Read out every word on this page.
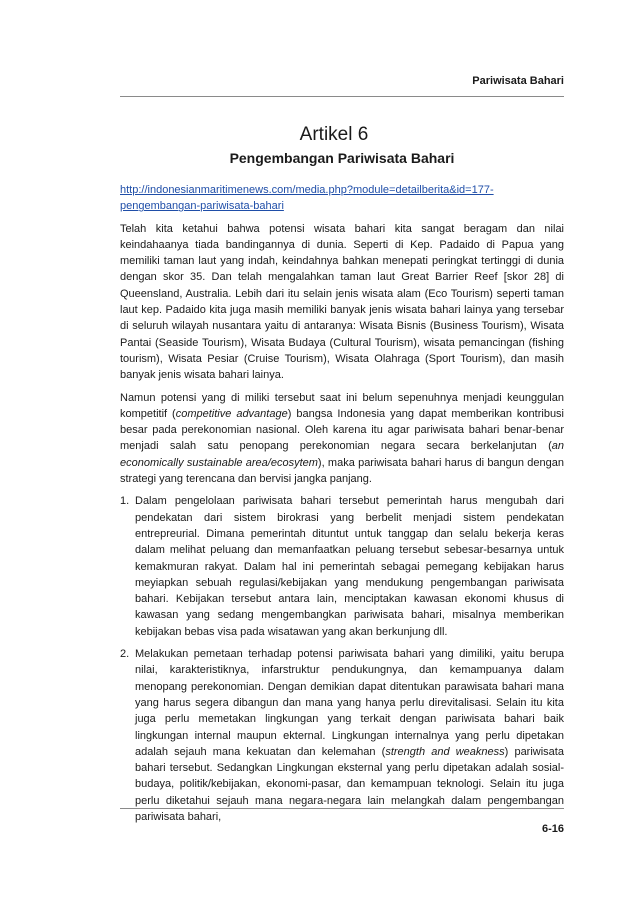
Pariwisata Bahari
Artikel 6
Pengembangan Pariwisata Bahari

http://indonesianmaritimenews.com/media.php?module=detailberita&id=177-
pengembangan-pariwisata-bahari

Telah kita ketahui bahwa potensi wisata bahari kita sangat beragam dan nilai keindahaanya tiada bandingannya di dunia. Seperti di Kep. Padaido di Papua yang memiliki taman laut yang indah, keindahnya bahkan menepati peringkat tertinggi di dunia dengan skor 35. Dan telah mengalahkan taman laut Great Barrier Reef [skor 28] di Queensland, Australia. Lebih dari itu selain jenis wisata alam (Eco Tourism) seperti taman laut kep. Padaido kita juga masih memiliki banyak jenis wisata bahari lainya yang tersebar di seluruh wilayah nusantara yaitu di antaranya: Wisata Bisnis (Business Tourism), Wisata Pantai (Seaside Tourism), Wisata Budaya (Cultural Tourism), wisata pemancingan (fishing tourism), Wisata Pesiar (Cruise Tourism), Wisata Olahraga (Sport Tourism), dan masih banyak jenis wisata bahari lainya.

Namun potensi yang di miliki tersebut saat ini belum sepenuhnya menjadi keunggulan kompetitif (competitive advantage) bangsa Indonesia yang dapat memberikan kontribusi besar pada perekonomian nasional. Oleh karena itu agar pariwisata bahari benar-benar menjadi salah satu penopang perekonomian negara secara berkelanjutan (an economically sustainable area/ecosytem), maka pariwisata bahari harus di bangun dengan strategi yang terencana dan bervisi jangka panjang.

1. Dalam pengelolaan pariwisata bahari tersebut pemerintah harus mengubah dari pendekatan dari sistem birokrasi yang berbelit menjadi sistem pendekatan entrepreurial. Dimana pemerintah dituntut untuk tanggap dan selalu bekerja keras dalam melihat peluang dan memanfaatkan peluang tersebut sebesar-besarnya untuk kemakmuran rakyat. Dalam hal ini pemerintah sebagai pemegang kebijakan harus meyiapkan sebuah regulasi/kebijakan yang mendukung pengembangan pariwisata bahari. Kebijakan tersebut antara lain, menciptakan kawasan ekonomi khusus di kawasan yang sedang mengembangkan pariwisata bahari, misalnya memberikan kebijakan bebas visa pada wisatawan yang akan berkunjung dll.
2. Melakukan pemetaan terhadap potensi pariwisata bahari yang dimiliki, yaitu berupa nilai, karakteristiknya, infarstruktur pendukungnya, dan kemampuanya dalam menopang perekonomian. Dengan demikian dapat ditentukan parawisata bahari mana yang harus segera dibangun dan mana yang hanya perlu direvitalisasi. Selain itu kita juga perlu memetakan lingkungan yang terkait dengan pariwisata bahari baik lingkungan internal maupun ekternal. Lingkungan internalnya yang perlu dipetakan adalah sejauh mana kekuatan dan kelemahan (strength and weakness) pariwisata bahari tersebut. Sedangkan Lingkungan eksternal yang perlu dipetakan adalah sosial-budaya, politik/kebijakan, ekonomi-pasar, dan kemampuan teknologi. Selain itu juga perlu diketahui sejauh mana negara-negara lain melangkah dalam pengembangan pariwisata bahari,
6-16
